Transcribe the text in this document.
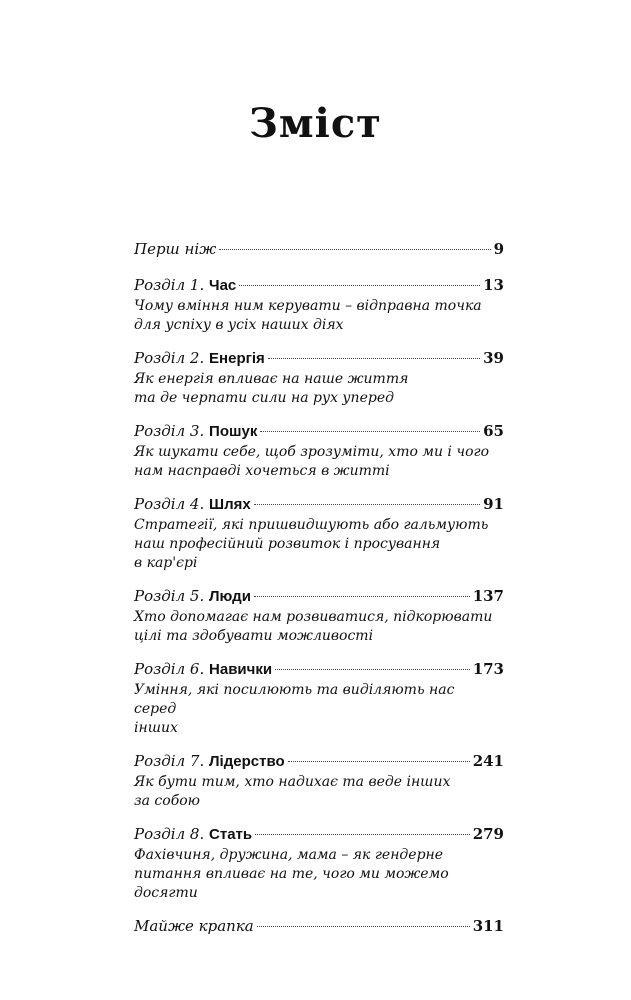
Зміст
Перш ніж	9
Розділ 1. Час	13
Чому вміння ним керувати – відправна точка
для успіху в усіх наших діях
Розділ 2. Енергія	39
Як енергія впливає на наше життя
та де черпати сили на рух уперед
Розділ 3. Пошук	65
Як шукати себе, щоб зрозуміти, хто ми і чого
нам насправді хочеться в житті
Розділ 4. Шлях	91
Стратегії, які пришвидшують або гальмують
наш професійний розвиток і просування
в кар'єрі
Розділ 5. Люди	137
Хто допомагає нам розвиватися, підкорювати
цілі та здобувати можливості
Розділ 6. Навички	173
Уміння, які посилюють та виділяють нас серед
інших
Розділ 7. Лідерство	241
Як бути тим, хто надихає та веде інших
за собою
Розділ 8. Стать	279
Фахівчиня, дружина, мама – як гендерне
питання впливає на те, чого ми можемо
досягти
Майже крапка	311
